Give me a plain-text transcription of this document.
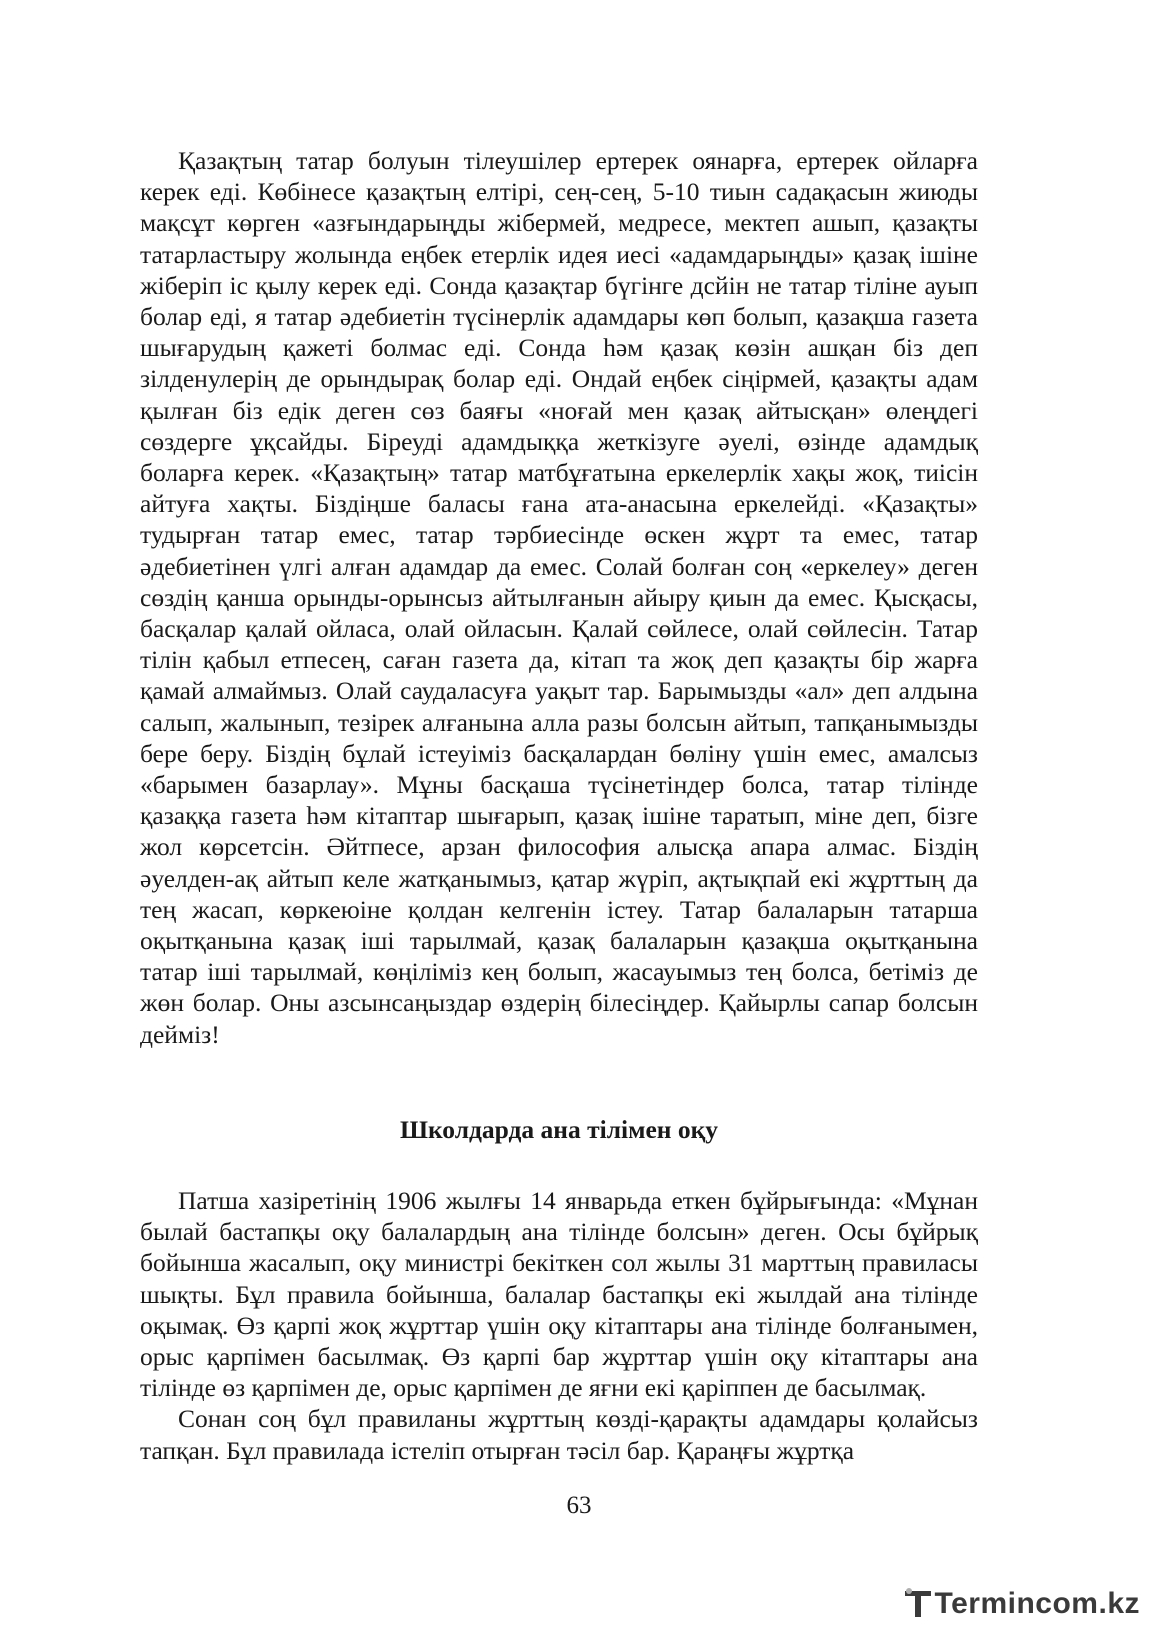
Қазақтың татар болуын тілеушілер ертерек оянарға, ертерек ойларға керек еді. Көбінесе қазақтың елтірі, сең-сең, 5-10 тиын садақасын жиюды мақсұт көрген «азғындарыңды жібермей, медресе, мектеп ашып, қазақты татарластыру жолында еңбек етерлік идея иесі «адамдарыңды» қазақ ішіне жіберіп іс қылу керек еді. Сонда қазақтар бүгінге дсйін не татар тіліне ауып болар еді, я татар әдебиетін түсінерлік адамдары көп болып, қазақша газета шығарудың қажеті болмас еді. Сонда һәм қазақ көзін ашқан біз деп зілденулерің де орындырақ болар еді. Ондай еңбек сіңірмей, қазақты адам қылған біз едік деген сөз баяғы «ноғай мен қазақ айтысқан» өлеңдегі сөздерге ұқсайды. Біреуді адамдыққа жеткізуге әуелі, өзінде адамдық боларға керек. «Қазақтың» татар матбұғатына еркелерлік хақы жоқ, тиісін айтуға хақты. Біздіңше баласы ғана ата-анасына еркелейді. «Қазақты» тудырған татар емес, татар тәрбиесінде өскен жұрт та емес, татар әдебиетінен үлгі алған адамдар да емес. Солай болған соң «еркелеу» деген сөздің қанша орынды-орынсыз айтылғанын айыру қиын да емес. Қысқасы, басқалар қалай ойласа, олай ойласын. Қалай сөйлесе, олай сөйлесін. Татар тілін қабыл етпесең, саған газета да, кітап та жоқ деп қазақты бір жарға қамай алмаймыз. Олай саудаласуға уақыт тар. Барымызды «ал» деп алдына салып, жалынып, тезірек алғанына алла разы болсын айтып, тапқанымызды бере беру. Біздің бұлай істеуіміз басқалардан бөліну үшін емес, амалсыз «барымен базарлау». Мұны басқаша түсінетіндер болса, татар тілінде қазаққа газета һәм кітаптар шығарып, қазақ ішіне таратып, міне деп, бізге жол көрсетсін. Әйтпесе, арзан философия алысқа апара алмас. Біздің әуелден-ақ айтып келе жатқанымыз, қатар жүріп, ақтықпай екі жұрттың да тең жасап, көркеюіне қолдан келгенін істеу. Татар балаларын татарша оқытқанына қазақ іші тарылмай, қазақ балаларын қазақша оқытқанына татар іші тарылмай, көңіліміз кең болып, жасауымыз тең болса, бетіміз де жөн болар. Оны азсынсаңыздар өздерің білесіңдер. Қайырлы сапар болсын дейміз!

Школдарда ана тілімен оқу

Патша хазіретінің 1906 жылғы 14 январьда еткен бұйрығында: «Мұнан былай бастапқы оқу балалардың ана тілінде болсын» деген. Осы бұйрық бойынша жасалып, оқу министрі бекіткен сол жылы 31 марттың правиласы шықты. Бұл правила бойынша, балалар бастапқы екі жылдай ана тілінде оқымақ. Өз қарпі жоқ жұрттар үшін оқу кітаптары ана тілінде болғанымен, орыс қарпімен басылмақ. Өз қарпі бар жұрттар үшін оқу кітаптары ана тілінде өз қарпімен де, орыс қарпімен де яғни екі қаріппен де басылмақ.

Сонан соң бұл правиланы жұрттың көзді-қарақты адамдары қолайсыз тапқан. Бұл правилада істеліп отырған тәсіл бар. Қараңғы жұртқа

63
Termincom.kz
